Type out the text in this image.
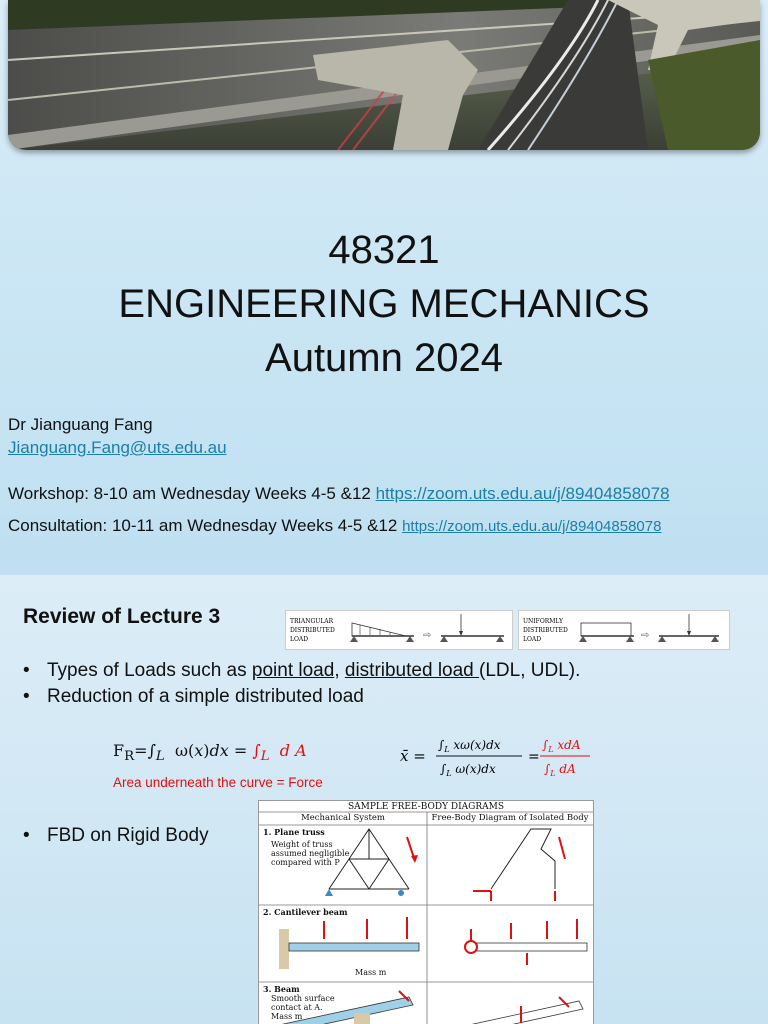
48321
ENGINEERING MECHANICS
Autumn 2024
Dr Jianguang Fang
Jianguang.Fang@uts.edu.au
Workshop: 8-10 am Wednesday Weeks 4-5 &12 https://zoom.uts.edu.au/j/89404858078
Consultation: 10-11 am Wednesday Weeks 4-5 &12 https://zoom.uts.edu.au/j/89404858078
Review of Lecture 3	TRIANGULAR
DISTRIBUTED
LOAD	⇨
UNIFORMLY
DISTRIBUTED
LOAD	⇨
• Types of Loads such as point load, distributed load (LDL, UDL).
• Reduction of a simple distributed load
$F_R=\int_L$  $\omega(x)dx = \int_L$ d A
Area underneath the curve = Force
x̄ =
$\int_L$ xω(x)dx
$\int_L$ ω(x)dx
=
$\int_L$ xdA
$\int_L$ dA
• FBD on Rigid Body
SAMPLE FREE-BODY DIAGRAMS
Mechanical System	Free-Body Diagram of Isolated Body
1. Plane truss
Weight of truss
assumed negligible
compared with P
2. Cantilever beam
Mass m
3. Beam
Smooth surface
contact at A.
Mass m
